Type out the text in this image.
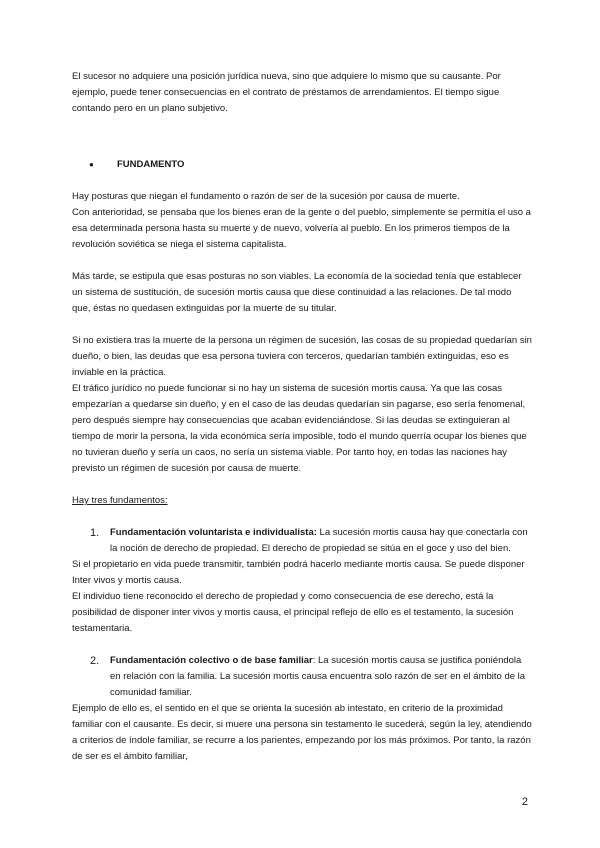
El sucesor no adquiere una posición jurídica nueva, sino que adquiere lo mismo que su causante. Por ejemplo, puede tener consecuencias en el contrato de préstamos de arrendamientos. El tiempo sigue contando pero en un plano subjetivo.

●	FUNDAMENTO

Hay posturas que niegan el fundamento o razón de ser de la sucesión por causa de muerte.

Con anterioridad, se pensaba que los bienes eran de la gente o del pueblo, simplemente se permitía el uso a esa determinada persona hasta su muerte y de nuevo, volvería al pueblo. En los primeros tiempos de la revolución soviética se niega el sistema capitalista.

Más tarde, se estipula que esas posturas no son viables. La economía de la sociedad tenía que establecer un sistema de sustitución, de sucesión mortis causa que diese continuidad a las relaciones. De tal modo que, éstas no quedasen extinguidas por la muerte de su titular.

Si no existiera tras la muerte de la persona un régimen de sucesión, las cosas de su propiedad quedarían sin dueño, o bien, las deudas que esa persona tuviera con terceros, quedarían también extinguidas, eso es inviable en la práctica.

El tráfico jurídico no puede funcionar si no hay un sistema de sucesión mortis causa. Ya que las cosas empezarían a quedarse sin dueño, y en el caso de las deudas quedarían sin pagarse, eso sería fenomenal, pero después siempre hay consecuencias que acaban evidenciándose. Si las deudas se extinguieran al tiempo de morir la persona, la vida económica sería imposible, todo el mundo querría ocupar los bienes que no tuvieran dueño y sería un caos, no sería un sistema viable. Por tanto hoy, en todas las naciones hay previsto un régimen de sucesión por causa de muerte.

Hay tres fundamentos:

1.	Fundamentación voluntarista e individualista: La sucesión mortis causa hay que conectarla con la noción de derecho de propiedad. El derecho de propiedad se sitúa en el goce y uso del bien.

Si el propietario en vida puede transmitir, también podrá hacerlo mediante mortis causa. Se puede disponer Inter vivos y mortis causa.

El individuo tiene reconocido el derecho de propiedad y como consecuencia de ese derecho, está la posibilidad de disponer inter vivos y mortis causa, el principal reflejo de ello es el testamento, la sucesión testamentaria.

2.	Fundamentación colectivo o de base familiar: La sucesión mortis causa se justifica poniéndola en relación con la familia. La sucesión mortis causa encuentra solo razón de ser en el ámbito de la comunidad familiar.

Ejemplo de ello es, el sentido en el que se orienta la sucesión ab intestato, en criterio de la proximidad familiar con el causante. Es decir, si muere una persona sin testamento le sucederá, según la ley, atendiendo a criterios de índole familiar, se recurre a los parientes, empezando por los más próximos. Por tanto, la razón de ser es el ámbito familiar,

2
